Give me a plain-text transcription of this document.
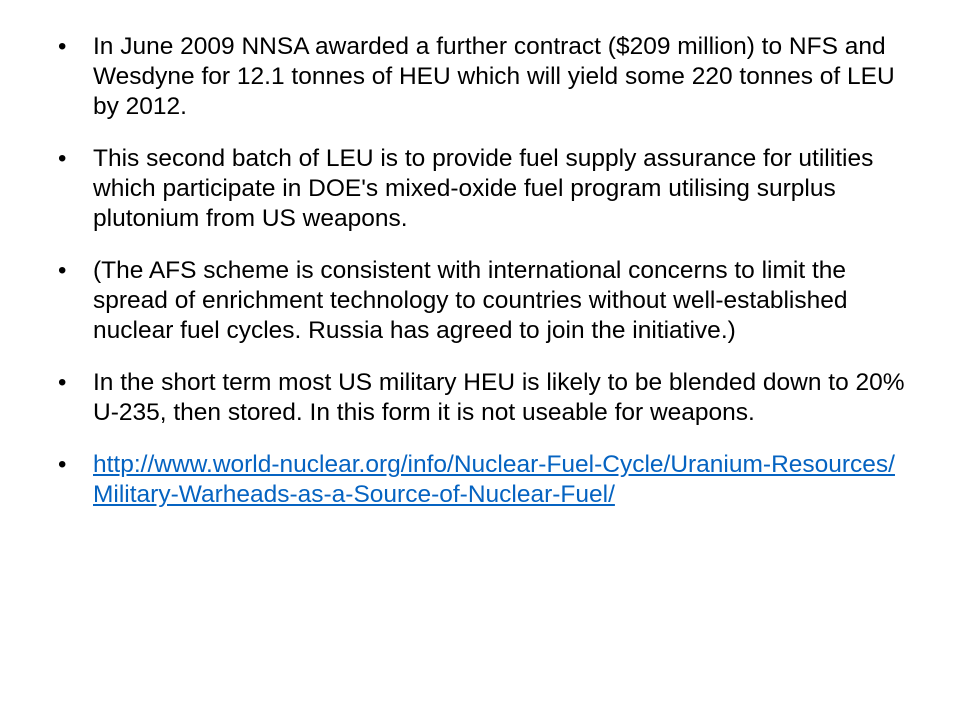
•	In June 2009 NNSA awarded a further contract ($209 million) to NFS and Wesdyne for 12.1 tonnes of HEU which will yield some 220 tonnes of LEU by 2012.
•	This second batch of LEU is to provide fuel supply assurance for utilities which participate in DOE's mixed-oxide fuel program utilising surplus plutonium from US weapons.
•	(The AFS scheme is consistent with international concerns to limit the spread of enrichment technology to countries without well-established nuclear fuel cycles. Russia has agreed to join the initiative.)
•	In the short term most US military HEU is likely to be blended down to 20% U-235, then stored. In this form it is not useable for weapons.
•	http://www.world-nuclear.org/info/Nuclear-Fuel-Cycle/Uranium-Resources/Military-Warheads-as-a-Source-of-Nuclear-Fuel/
